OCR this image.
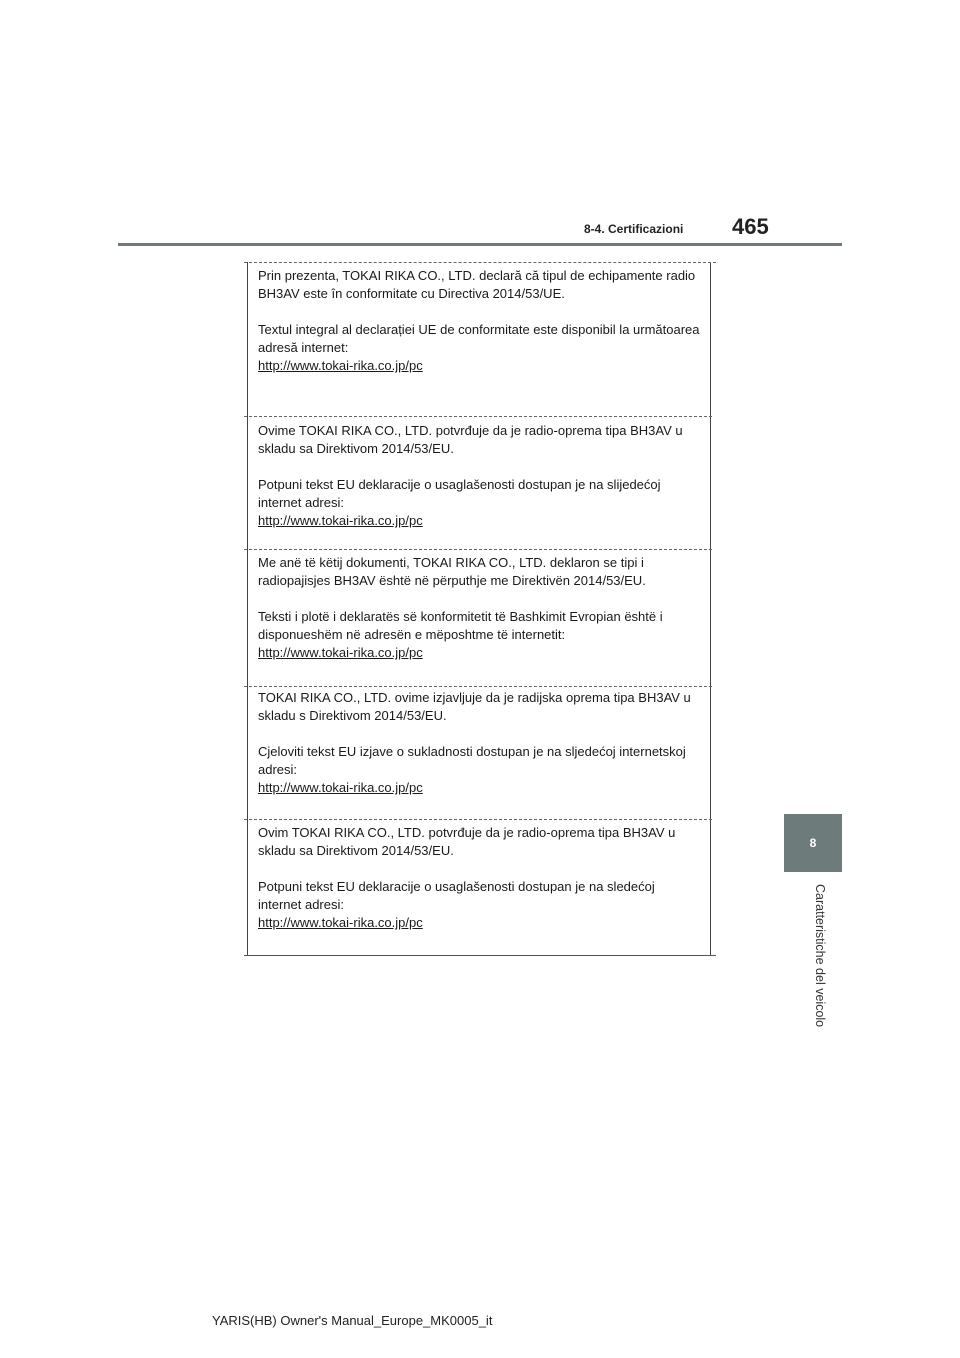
8-4. Certificazioni 465
8
Caratteristiche del veicolo

Prin prezenta, TOKAI RIKA CO., LTD. declară că tipul de echipamente radio BH3AV este în conformitate cu Directiva 2014/53/UE.

Textul integral al declarației UE de conformitate este disponibil la următoarea adresă internet:

http://www.tokai-rika.co.jp/pc

Ovime TOKAI RIKA CO., LTD. potvrđuje da je radio-oprema tipa BH3AV u skladu sa Direktivom 2014/53/EU.

Potpuni tekst EU deklaracije o usaglašenosti dostupan je na slijedećoj internet adresi:

http://www.tokai-rika.co.jp/pc

Me anë të këtij dokumenti, TOKAI RIKA CO., LTD. deklaron se tipi i radiopajisjes BH3AV është në përputhje me Direktivën 2014/53/EU.

Teksti i plotë i deklaratës së konformitetit të Bashkimit Evropian është i disponueshëm në adresën e mëposhtme të internetit:

http://www.tokai-rika.co.jp/pc

TOKAI RIKA CO., LTD. ovime izjavljuje da je radijska oprema tipa BH3AV u skladu s Direktivom 2014/53/EU.

Cjeloviti tekst EU izjave o sukladnosti dostupan je na sljedećoj internetskoj adresi:

http://www.tokai-rika.co.jp/pc

Ovim TOKAI RIKA CO., LTD. potvrđuje da je radio-oprema tipa BH3AV u skladu sa Direktivom 2014/53/EU.

Potpuni tekst EU deklaracije o usaglašenosti dostupan je na sledećoj internet adresi:

http://www.tokai-rika.co.jp/pc

YARIS(HB) Owner's Manual_Europe_MK0005_it
